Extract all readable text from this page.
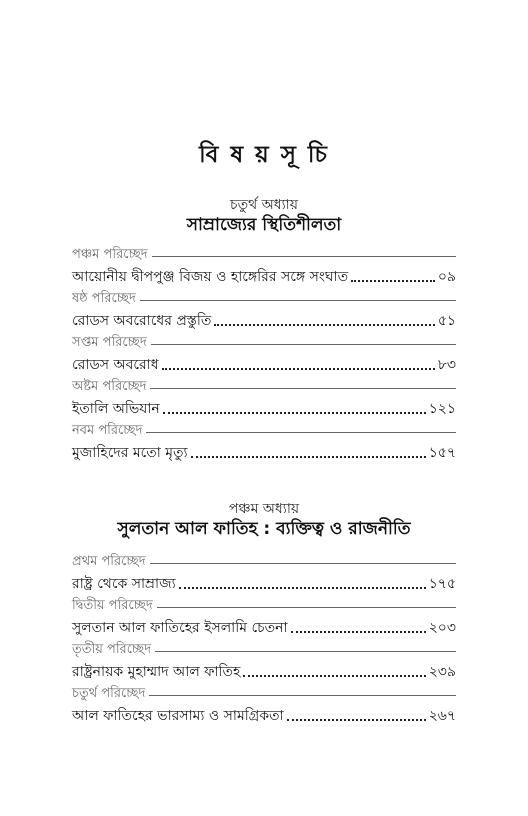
বি ষ য় সূ চি
চতুর্থ অধ্যায়
সাম্রাজ্যের স্থিতিশীলতা
পঞ্চম পরিচ্ছেদ
আয়োনীয় দ্বীপপুঞ্জ বিজয় ও হাঙ্গেরির সঙ্গে সংঘাত	০৯
ষষ্ঠ পরিচ্ছেদ
রোডস অবরোধের প্রস্তুতি	৫১
সপ্তম পরিচ্ছেদ
রোডস অবরোধ	৮৩
অষ্টম পরিচ্ছেদ
ইতালি অভিযান	১২১
নবম পরিচ্ছেদ
মুজাহিদের মতো মৃত্যু	১৫৭
পঞ্চম অধ্যায়
সুলতান আল ফাতিহ : ব্যক্তিত্ব ও রাজনীতি
প্রথম পরিচ্ছেদ
রাষ্ট্র থেকে সাম্রাজ্য	১৭৫
দ্বিতীয় পরিচ্ছেদ
সুলতান আল ফাতিহের ইসলামি চেতনা	২০৩
তৃতীয় পরিচ্ছেদ
রাষ্ট্রনায়ক মুহাম্মাদ আল ফাতিহ	২৩৯
চতুর্থ পরিচ্ছেদ
আল ফাতিহের ভারসাম্য ও সামগ্রিকতা	২৬৭
